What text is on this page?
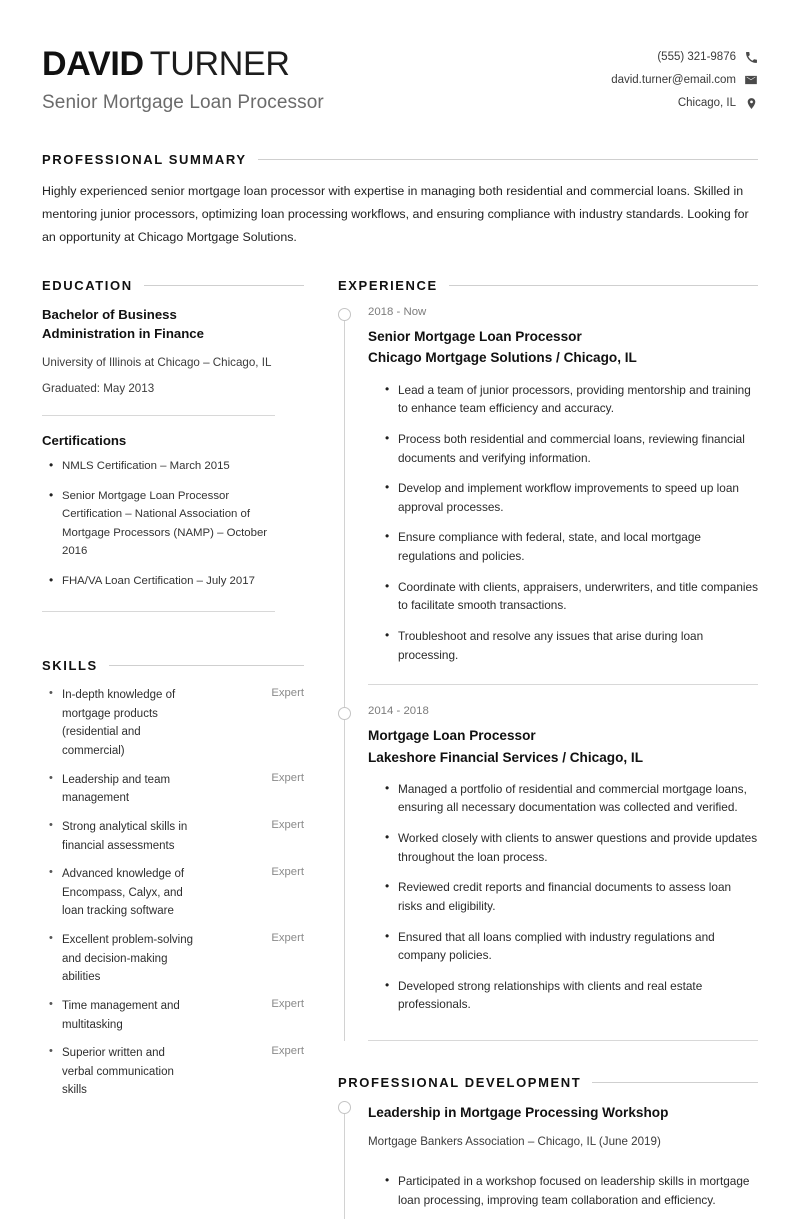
DAVID TURNER
Senior Mortgage Loan Processor
(555) 321-9876
david.turner@email.com
Chicago, IL
PROFESSIONAL SUMMARY
Highly experienced senior mortgage loan processor with expertise in managing both residential and commercial loans. Skilled in mentoring junior processors, optimizing loan processing workflows, and ensuring compliance with industry standards. Looking for an opportunity at Chicago Mortgage Solutions.
EDUCATION
Bachelor of Business Administration in Finance
University of Illinois at Chicago – Chicago, IL
Graduated: May 2013
Certifications
• NMLS Certification – March 2015
• Senior Mortgage Loan Processor Certification – National Association of Mortgage Processors (NAMP) – October 2016
• FHA/VA Loan Certification – July 2017
SKILLS
• In-depth knowledge of mortgage products (residential and commercial)
Expert
• Leadership and team management
Expert
• Strong analytical skills in financial assessments
Expert
• Advanced knowledge of Encompass, Calyx, and loan tracking software
Expert
• Excellent problem-solving and decision-making abilities
Expert
• Time management and multitasking
Expert
• Superior written and verbal communication skills
Expert
EXPERIENCE
2018 - Now
Senior Mortgage Loan Processor
Chicago Mortgage Solutions / Chicago, IL
• Lead a team of junior processors, providing mentorship and training to enhance team efficiency and accuracy.
• Process both residential and commercial loans, reviewing financial documents and verifying information.
• Develop and implement workflow improvements to speed up loan approval processes.
• Ensure compliance with federal, state, and local mortgage regulations and policies.
• Coordinate with clients, appraisers, underwriters, and title companies to facilitate smooth transactions.
• Troubleshoot and resolve any issues that arise during loan processing.
2014 - 2018
Mortgage Loan Processor
Lakeshore Financial Services / Chicago, IL
• Managed a portfolio of residential and commercial mortgage loans, ensuring all necessary documentation was collected and verified.
• Worked closely with clients to answer questions and provide updates throughout the loan process.
• Reviewed credit reports and financial documents to assess loan risks and eligibility.
• Ensured that all loans complied with industry regulations and company policies.
• Developed strong relationships with clients and real estate professionals.
PROFESSIONAL DEVELOPMENT
Leadership in Mortgage Processing Workshop
Mortgage Bankers Association – Chicago, IL (June 2019)
• Participated in a workshop focused on leadership skills in mortgage loan processing, improving team collaboration and efficiency.
